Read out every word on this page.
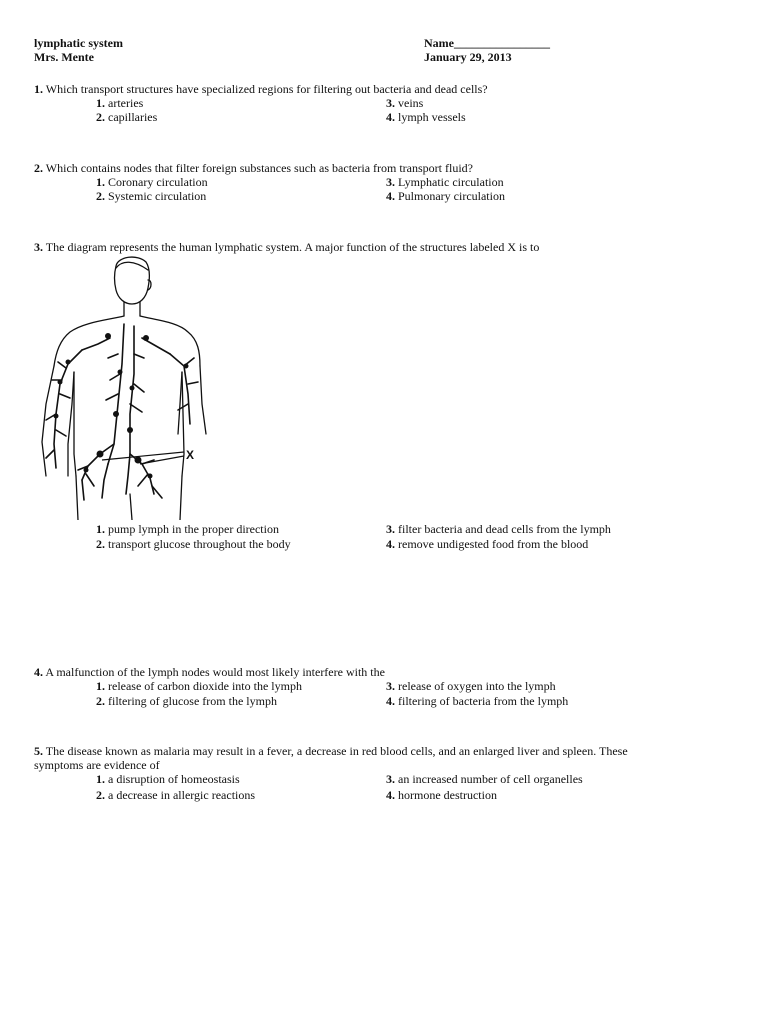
lymphatic system
Mrs. Mente
Name________________
January 29, 2013
1. Which transport structures have specialized regions for filtering out bacteria and dead cells?
1. arteries
2. capillaries
3. veins
4. lymph vessels
2. Which contains nodes that filter foreign substances such as bacteria from transport fluid?
1. Coronary circulation
2. Systemic circulation
3. Lymphatic circulation
4. Pulmonary circulation
3. The diagram represents the human lymphatic system. A major function of the structures labeled X is to
X
1. pump lymph in the proper direction
2. transport glucose throughout the body
3. filter bacteria and dead cells from the lymph
4. remove undigested food from the blood
4. A malfunction of the lymph nodes would most likely interfere with the
1. release of carbon dioxide into the lymph
2. filtering of glucose from the lymph
3. release of oxygen into the lymph
4. filtering of bacteria from the lymph
5. The disease known as malaria may result in a fever, a decrease in red blood cells, and an enlarged liver and spleen. These symptoms are evidence of
1. a disruption of homeostasis
2. a decrease in allergic reactions
3. an increased number of cell organelles
4. hormone destruction
